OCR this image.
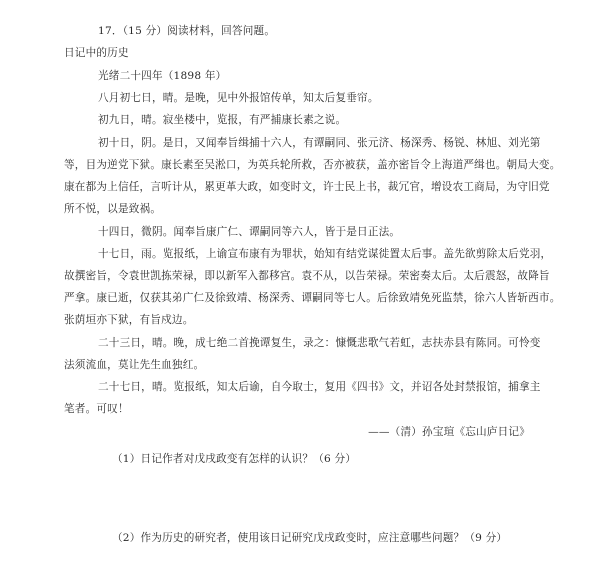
17．（15 分）阅读材料，回答问题。
日记中的历史
光绪二十四年（1898 年）
八月初七日，晴。是晚，见中外报馆传单，知太后复垂帘。
初九日，晴。寂坐楼中，览报，有严捕康长素之说。
初十日，阴。是日，又闻奉旨缉捕十六人，有谭嗣同、张元济、杨深秀、杨锐、林旭、刘光第
等，目为逆党下狱。康长素至吴淞口，为英兵轮所救，否亦被获，盖亦密旨令上海道严缉也。朝局大变。
康在都为上信任，言听计从，累更革大政，如变时文，许士民上书，裁冗官，增设农工商局，为守旧党
所不悦，以是致祸。
十四日，微阴。闻奉旨康广仁、谭嗣同等六人，皆于是日正法。
十七日，雨。览报纸，上谕宣布康有为罪状，始知有结党谋徙置太后事。盖先欲剪除太后党羽，
故撰密旨，令袁世凯拣荣禄，即以新军入都移宫。袁不从，以告荣禄。荣密奏太后。太后震怒，故降旨
严拿。康已逝，仅获其弟广仁及徐致靖、杨深秀、谭嗣同等七人。后徐致靖免死监禁，徐六人皆斩西市。
张荫垣亦下狱，有旨戍边。
二十三日，晴。晚，成七绝二首挽谭复生，录之：慷慨悲歌气若虹，志扶赤县有陈同。可怜变
法须流血，莫让先生血独红。
二十七日，晴。览报纸，知太后谕，自今取士，复用《四书》文，并诏各处封禁报馆，捕拿主
笔者。可叹！
——（清）孙宝瑄《忘山庐日记》
（1）日记作者对戊戌政变有怎样的认识？（6 分）
（2）作为历史的研究者，使用该日记研究戊戌政变时，应注意哪些问题？（9 分）
